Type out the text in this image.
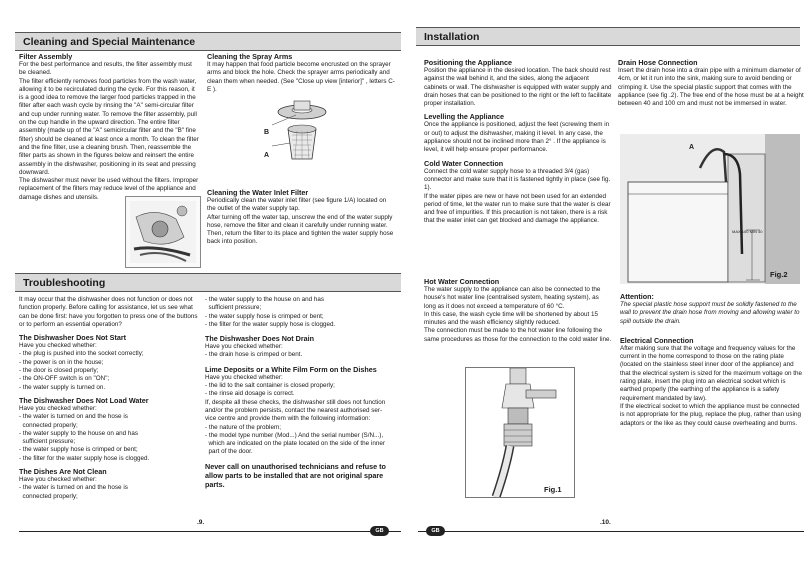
Cleaning and Special Maintenance

Filter Assembly

For the best performance and results, the filter assembly must be cleaned.

The filter efficiently removes food particles from the wash water, allowing it to be recirculated during the cycle. For this reason, it is a good idea to remove the larger food particles trapped in the filter after each wash cycle by rinsing the "A" semi-circular filter and cup under running water. To remove the filter assembly, pull on the cup handle in the upward direction. The entire filter assembly (made up of the "A" semicircular filter and the "B" fine filter) should be cleaned at least once a month. To clean the filter and the fine filter, use a cleaning brush. Then, reassemble the filter parts as shown in the figures below and reinsert the entire assembly in the dishwasher, positioning in its seat and pressing downward.

The dishwasher must never be used without the filters. Improper replacement of the filters may reduce level of the appliance and damage dishes and utensils.

Cleaning the Spray Arms

It may happen that food particle become encrusted on the sprayer arms and block the hole. Check the sprayer arms periodically and clean them when needed. (See "Close up view [interior]" , letters C-E ).

B
A

Cleaning the Water Inlet Filter

Periodically clean the water inlet filter (see figure 1/A) located on the outlet of the water supply tap.

After turning off the water tap, unscrew the end of the water supply hose, remove the filter and clean it carefully under running water. Then, return the filter to its place and tighten the water supply hose back into position.

Troubleshooting

It may occur that the dishwasher does not function or does not function properly. Before calling for assistance, let us see what can be done first: have you forgotten to press one of the buttons or to perform an essential operation?

The Dishwasher Does Not Start

Have you checked whether:
- the plug is pushed into the socket correctly;
- the power is on in the house;
- the door is closed properly;
- the ON-OFF switch is on "ON";
- the water supply is turned on.

The Dishwasher Does Not Load Water

Have you checked whether:
- the water is turned on and the hose is
connected properly;
- the water supply to the house on and has
sufficient pressure;
- the water supply hose is crimped or bent;
- the filter for the water supply hose is clogged.

The Dishes Are Not Clean

Have you checked whether:
- the water is turned on and the hose is
connected properly;
- the water supply to the house on and has
sufficient pressure;
- the water supply hose is crimped or bent;
- the filter for the water supply hose is clogged.

The Dishwasher Does Not Drain

Have you checked whether:
- the drain hose is crimped or bent.

Lime Deposits or a White Film Form on the Dishes

Have you checked whether:
- the lid to the salt container is closed properly;
- the rinse aid dosage is correct.
If, despite all these checks, the dishwasher still does not function
and/or the problem persists, contact the nearest authorised ser-
vice centre and provide them with the following information:
- the nature of the problem;
- the model type number (Mod...) And the serial number (S/N...),
which are indicated on the plate located on the side of the inner
part of the door.

Never call on unauthorised technicians and refuse to allow parts to be installed that are not original spare parts.

.9.
GB
Installation

Positioning the Appliance

Position the appliance in the desired location. The back should rest against the wall behind it, and the sides, along the adjacent cabinets or wall. The dishwasher is equipped with water supply and drain hoses that can be positioned to the right or the left to facilitate proper installation.

Levelling the Appliance

Once the appliance is positioned, adjust the feet (screwing them in or out) to adjust the dishwasher, making it level. In any case, the appliance should not be inclined more than 2° . If the appliance is level, it will help ensure proper performance.

Cold Water Connection

Connect the cold water supply hose to a threaded 3/4 (gas) connector and make sure that it is fastened tightly in place (see fig. 1).

If the water pipes are new or have not been used for an extended period of time, let the water run to make sure that the water is clear and free of impurities. If this precaution is not taken, there is a risk that the water inlet can get blocked and damage the appliance.

Drain Hose Connection

Insert the drain hose into a drain pipe with a minimum diameter of 4cm, or let it run into the sink, making sure to avoid bending or crimping it. Use the special plastic support that comes with the appliance (see fig .2). The free end of the hose must be at a height between 40 and 100 cm and must not be immersed in water.

A
MAX 100 MIN 40
Fig.2

Hot Water Connection

The water supply to the appliance can also be connected to the house's hot water line (centralised system, heating system), as long as it does not exceed a temperature of 60 °C.

In this case, the wash cycle time will be shortened by about 15 minutes and the wash efficiency slightly reduced.

The connection must be made to the hot water line following the same procedures as those for the connection to the cold water line.

Fig.1

Attention:

The special plastic hose support must be solidly fastened to the wall to prevent the drain hose from moving and allowing water to spill outside the drain.

Electrical Connection

After making sure that the voltage and frequency values for the current in the home correspond to those on the rating plate (located on the stainless steel inner door of the appliance) and that the electrical system is sized for the maximum voltage on the rating plate, insert the plug into an electrical socket which is earthed properly (the earthing of the appliance is a safety requirement mandated by law).

If the electrical socket to which the appliance must be connected is not appropriate for the plug, replace the plug, rather than using adaptors or the like as they could cause overheating and burns.

GB
.10.
